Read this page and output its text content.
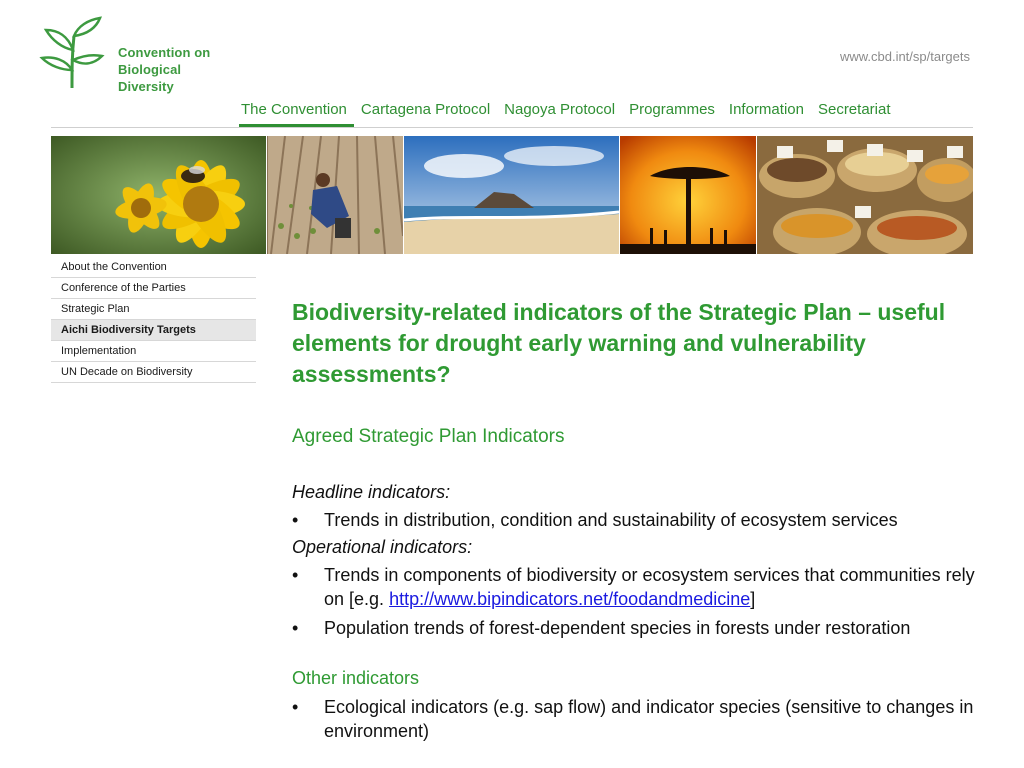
Convention on
Biological Diversity
www.cbd.int/sp/targets
The Convention Cartagena Protocol Nagoya Protocol Programmes Information Secretariat
About the Convention
Conference of the Parties
Strategic Plan
Aichi Biodiversity Targets
Implementation
UN Decade on Biodiversity
Biodiversity-related indicators of the Strategic Plan – useful elements for drought early warning and vulnerability assessments?

Agreed Strategic Plan Indicators

Headline indicators:

• Trends in distribution, condition and sustainability of ecosystem services

Operational indicators:

• Trends in components of biodiversity or ecosystem services that communities rely on [e.g. http://www.bipindicators.net/foodandmedicine]
• Population trends of forest-dependent species in forests under restoration

Other indicators

• Ecological indicators (e.g. sap flow) and indicator species (sensitive to changes in environment)
